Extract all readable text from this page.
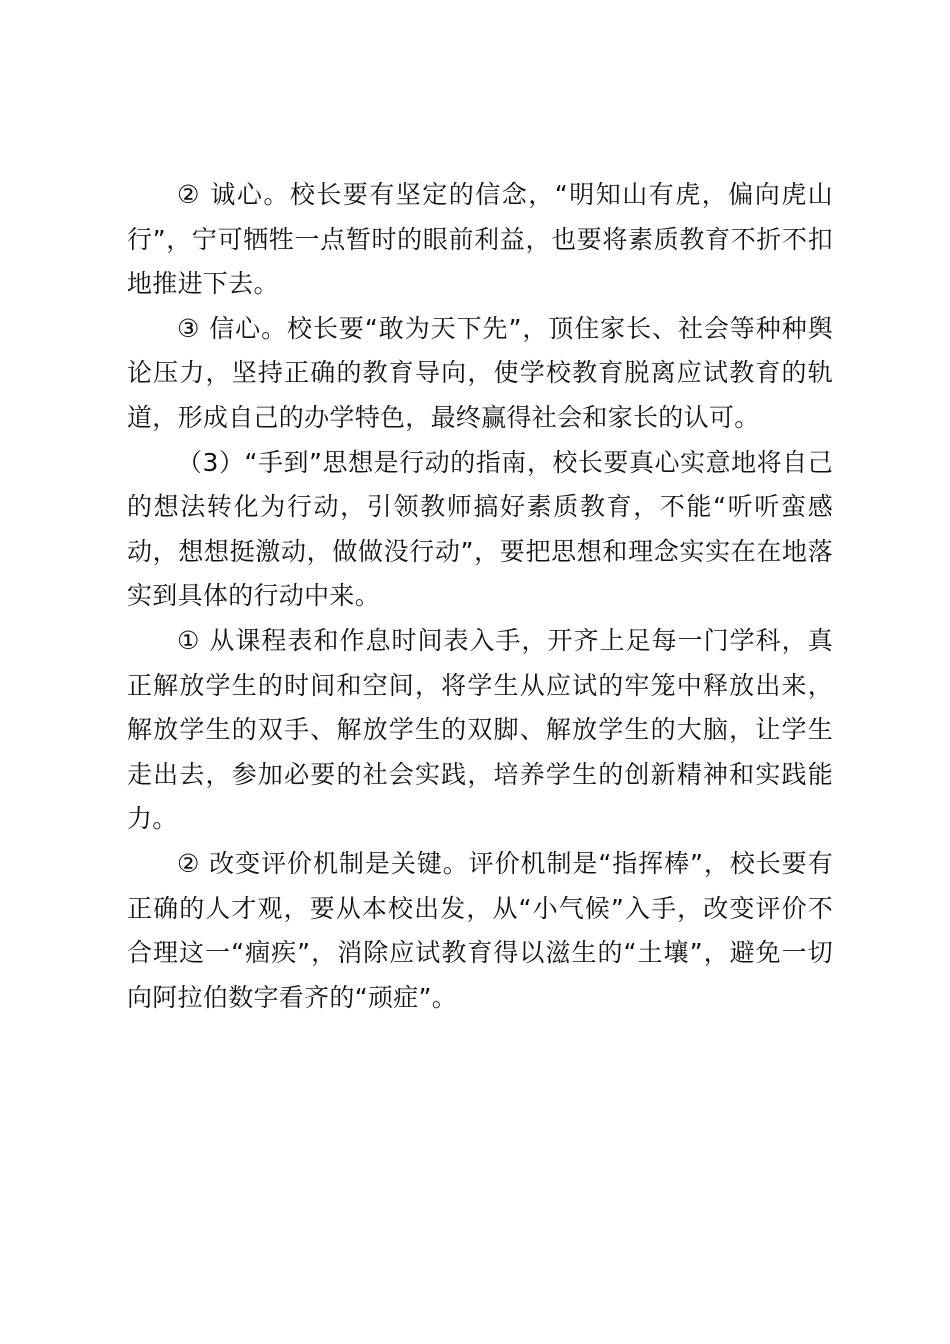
② 诚心。校长要有坚定的信念，“明知山有虎，偏向虎山行”，宁可牺牲一点暂时的眼前利益，也要将素质教育不折不扣地推进下去。

③ 信心。校长要“敢为天下先”，顶住家长、社会等种种舆论压力，坚持正确的教育导向，使学校教育脱离应试教育的轨道，形成自己的办学特色，最终赢得社会和家长的认可。

（3）“手到”思想是行动的指南，校长要真心实意地将自己的想法转化为行动，引领教师搞好素质教育，不能“听听蛮感动，想想挺激动，做做没行动”，要把思想和理念实实在在地落实到具体的行动中来。

① 从课程表和作息时间表入手，开齐上足每一门学科，真正解放学生的时间和空间，将学生从应试的牢笼中释放出来，解放学生的双手、解放学生的双脚、解放学生的大脑，让学生走出去，参加必要的社会实践，培养学生的创新精神和实践能力。

② 改变评价机制是关键。评价机制是“指挥棒”，校长要有正确的人才观，要从本校出发，从“小气候”入手，改变评价不合理这一“痼疾”，消除应试教育得以滋生的“土壤”，避免一切向阿拉伯数字看齐的“顽症”。
